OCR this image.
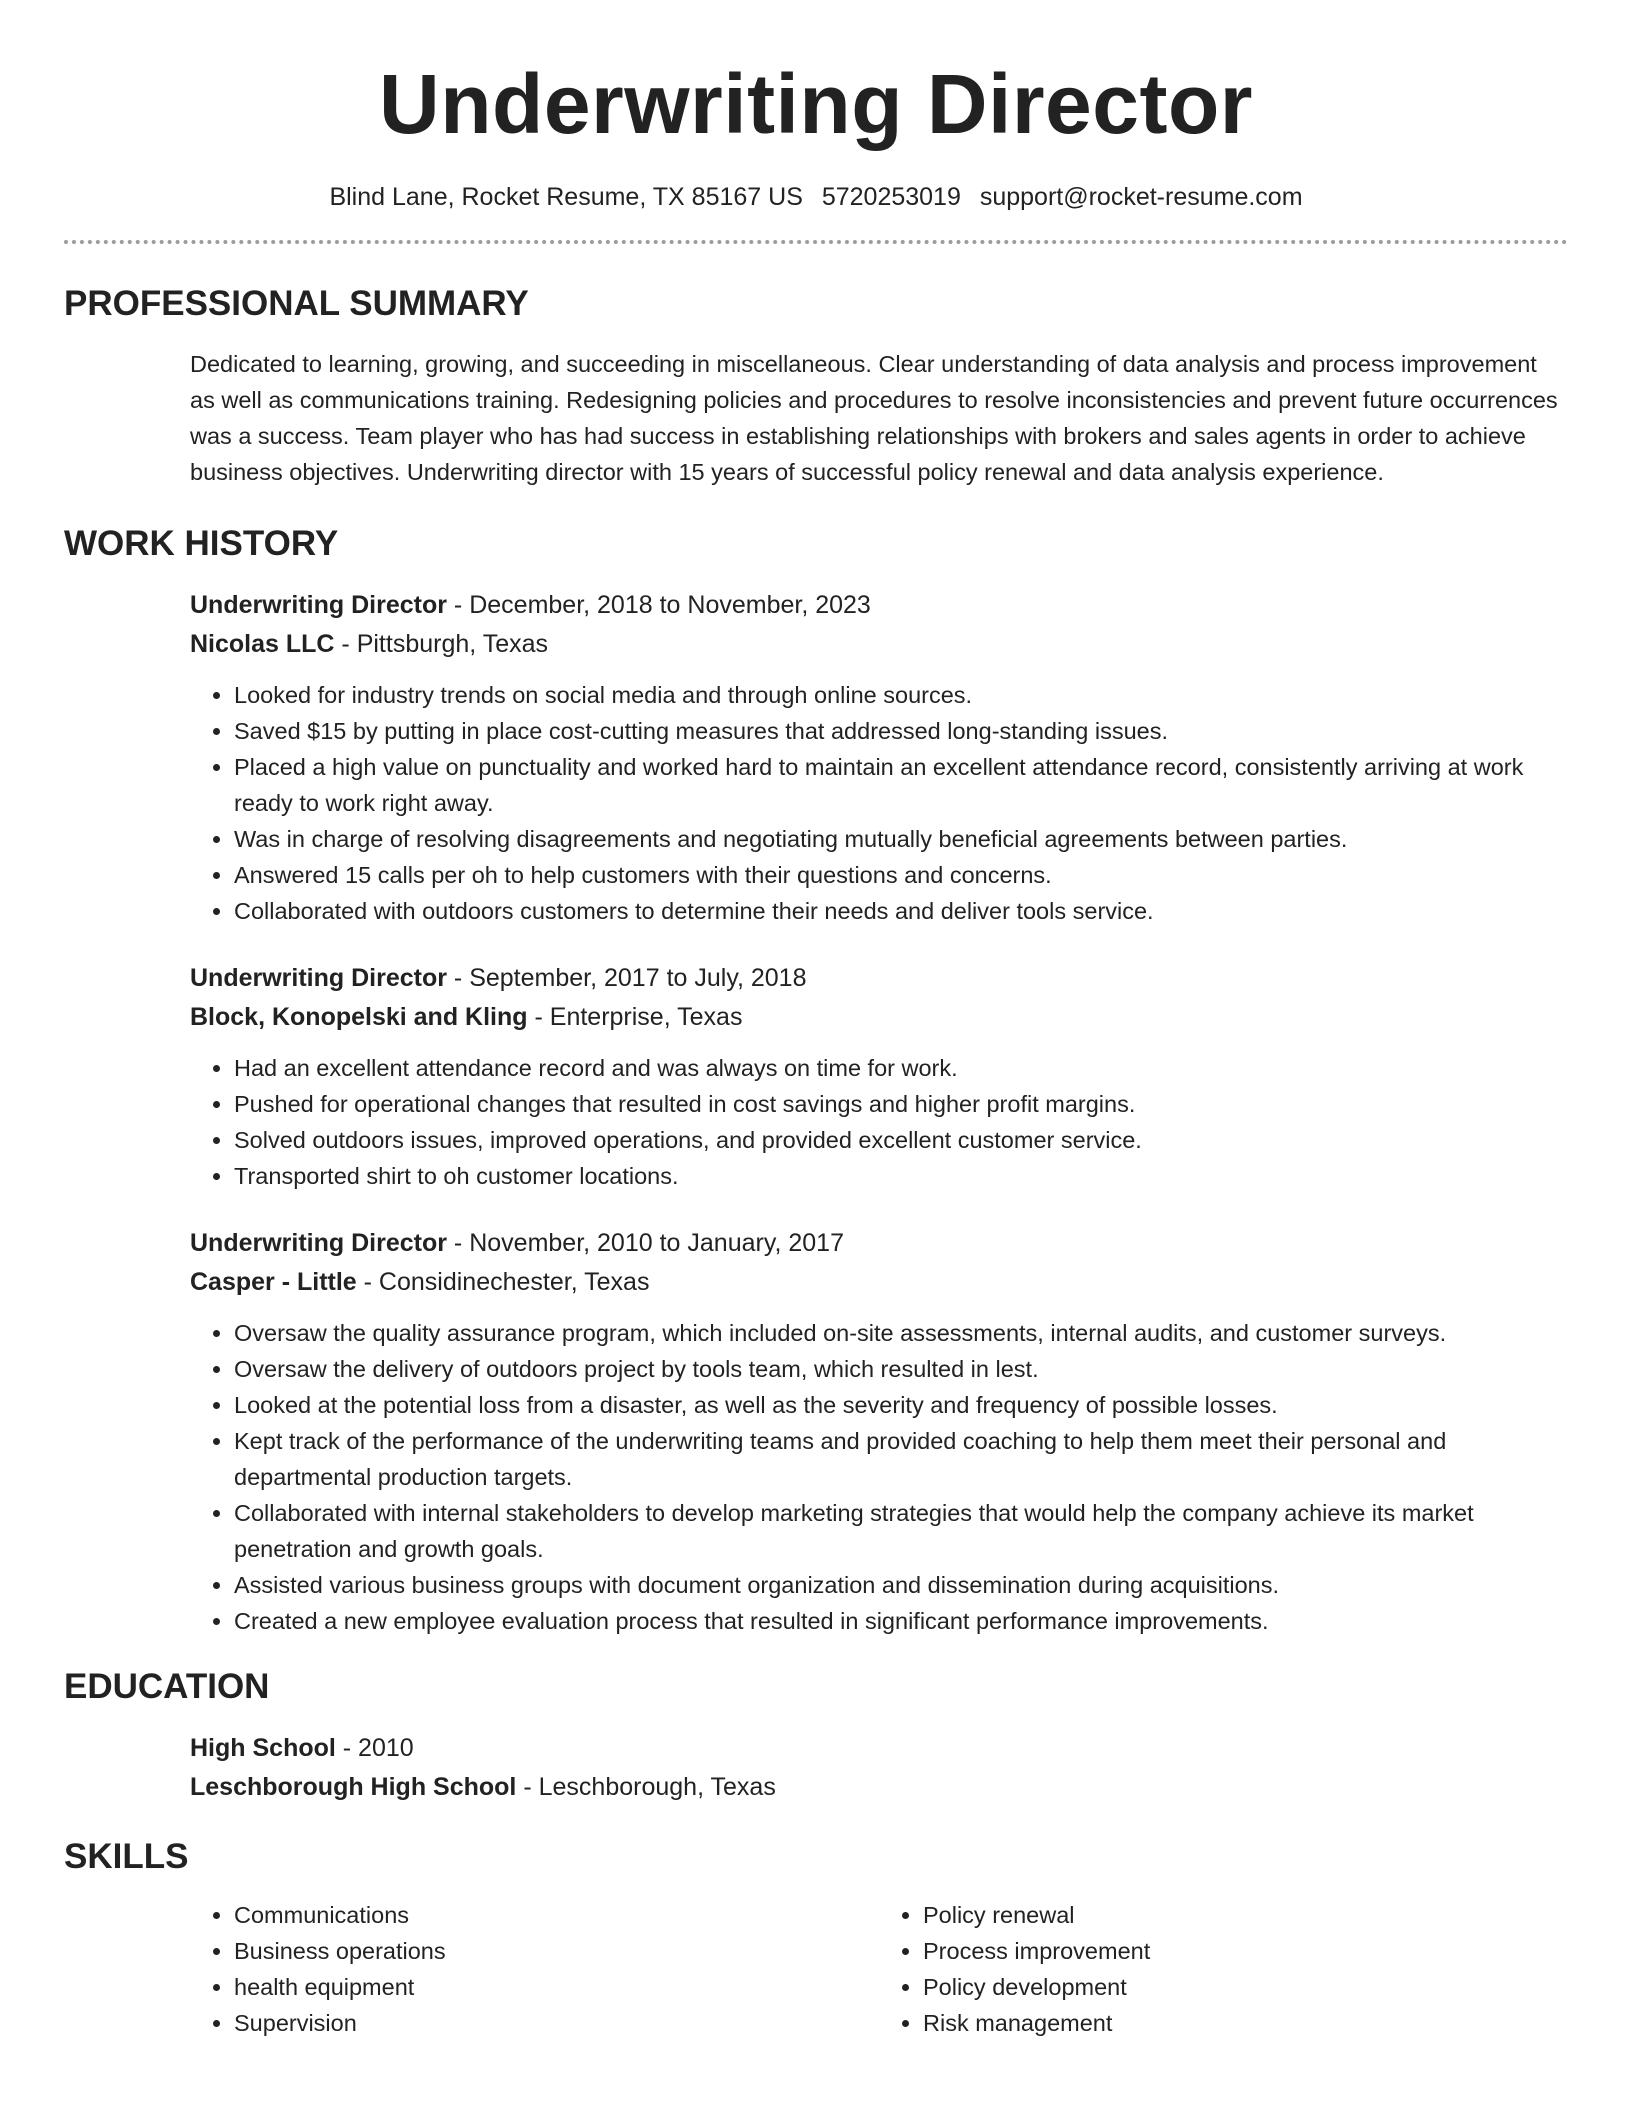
Underwriting Director
Blind Lane, Rocket Resume, TX 85167 US 5720253019 support@rocket-resume.com
PROFESSIONAL SUMMARY

Dedicated to learning, growing, and succeeding in miscellaneous. Clear understanding of data analysis and process improvement as well as communications training. Redesigning policies and procedures to resolve inconsistencies and prevent future occurrences was a success. Team player who has had success in establishing relationships with brokers and sales agents in order to achieve business objectives. Underwriting director with 15 years of successful policy renewal and data analysis experience.

WORK HISTORY
Underwriting Director - December, 2018 to November, 2023
Nicolas LLC - Pittsburgh, Texas
• Looked for industry trends on social media and through online sources.
• Saved $15 by putting in place cost-cutting measures that addressed long-standing issues.
• Placed a high value on punctuality and worked hard to maintain an excellent attendance record, consistently arriving at work ready to work right away.
• Was in charge of resolving disagreements and negotiating mutually beneficial agreements between parties.
• Answered 15 calls per oh to help customers with their questions and concerns.
• Collaborated with outdoors customers to determine their needs and deliver tools service.
Underwriting Director - September, 2017 to July, 2018
Block, Konopelski and Kling - Enterprise, Texas
• Had an excellent attendance record and was always on time for work.
• Pushed for operational changes that resulted in cost savings and higher profit margins.
• Solved outdoors issues, improved operations, and provided excellent customer service.
• Transported shirt to oh customer locations.
Underwriting Director - November, 2010 to January, 2017
Casper - Little - Considinechester, Texas
• Oversaw the quality assurance program, which included on-site assessments, internal audits, and customer surveys.
• Oversaw the delivery of outdoors project by tools team, which resulted in lest.
• Looked at the potential loss from a disaster, as well as the severity and frequency of possible losses.
• Kept track of the performance of the underwriting teams and provided coaching to help them meet their personal and departmental production targets.
• Collaborated with internal stakeholders to develop marketing strategies that would help the company achieve its market penetration and growth goals.
• Assisted various business groups with document organization and dissemination during acquisitions.
• Created a new employee evaluation process that resulted in significant performance improvements.
EDUCATION
High School - 2010
Leschborough High School - Leschborough, Texas
SKILLS
• Communications
• Business operations
• health equipment
• Supervision
• Policy renewal
• Process improvement
• Policy development
• Risk management
